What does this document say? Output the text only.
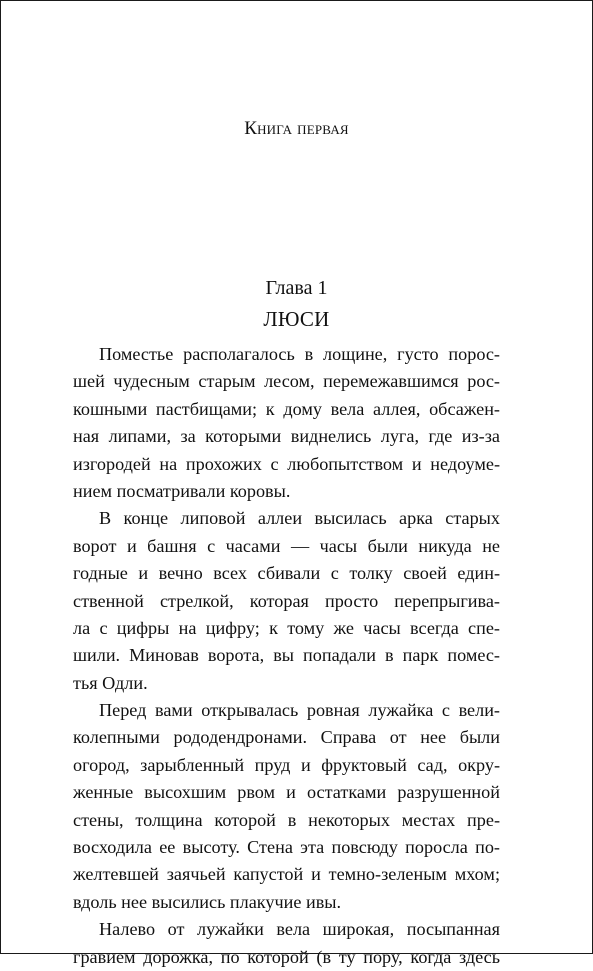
Книга первая
Глава 1
ЛЮСИ
Поместье располагалось в лощине, густо порос-
шей чудесным старым лесом, перемежавшимся рос-
кошными пастбищами; к дому вела аллея, обсажен-
ная липами, за которыми виднелись луга, где из-за
изгородей на прохожих с любопытством и недоуме-
нием посматривали коровы.
В конце липовой аллеи высилась арка старых
ворот и башня с часами — часы были никуда не
годные и вечно всех сбивали с толку своей един-
ственной стрелкой, которая просто перепрыгива-
ла с цифры на цифру; к тому же часы всегда спе-
шили. Миновав ворота, вы попадали в парк помес-
тья Одли.
Перед вами открывалась ровная лужайка с вели-
колепными рододендронами. Справа от нее были
огород, зарыбленный пруд и фруктовый сад, окру-
женные высохшим рвом и остатками разрушенной
стены, толщина которой в некоторых местах пре-
восходила ее высоту. Стена эта повсюду поросла по-
желтевшей заячьей капустой и темно-зеленым мхом;
вдоль нее высились плакучие ивы.
Налево от лужайки вела широкая, посыпанная
гравием дорожка, по которой (в ту пору, когда здесь
